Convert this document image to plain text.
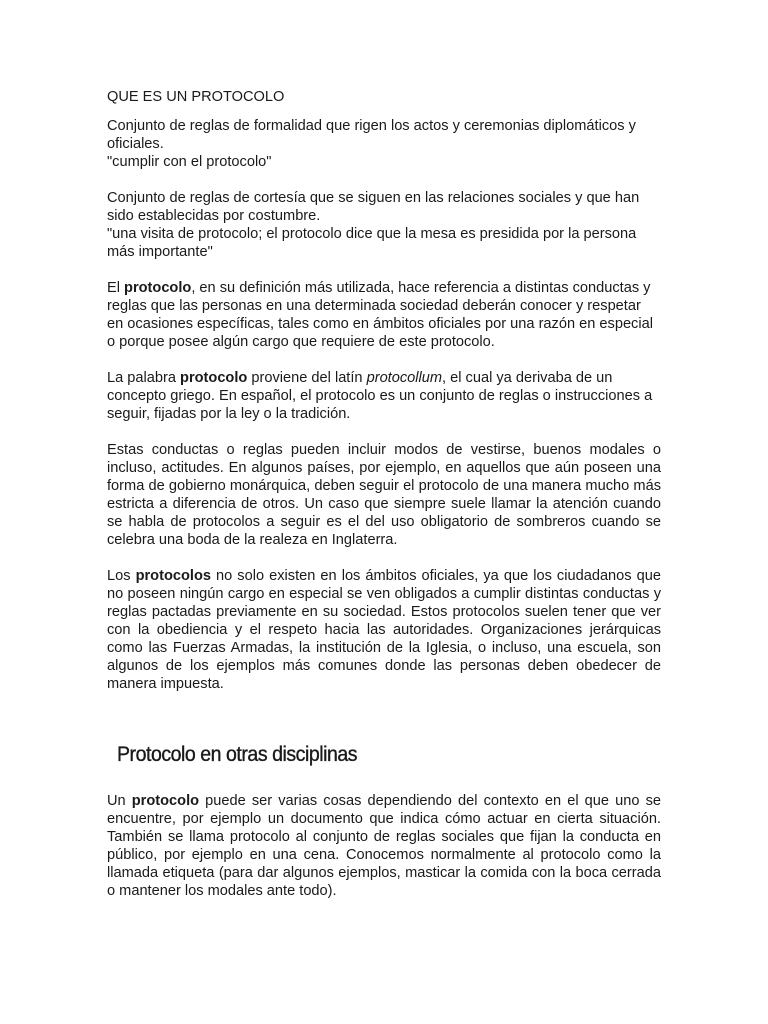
QUE ES UN PROTOCOLO

Conjunto de reglas de formalidad que rigen los actos y ceremonias diplomáticos y oficiales.
"cumplir con el protocolo"

Conjunto de reglas de cortesía que se siguen en las relaciones sociales y que han sido establecidas por costumbre.
"una visita de protocolo; el protocolo dice que la mesa es presidida por la persona más importante"

El protocolo, en su definición más utilizada, hace referencia a distintas conductas y reglas que las personas en una determinada sociedad deberán conocer y respetar en ocasiones específicas, tales como en ámbitos oficiales por una razón en especial o porque posee algún cargo que requiere de este protocolo.

La palabra protocolo proviene del latín protocollum, el cual ya derivaba de un concepto griego. En español, el protocolo es un conjunto de reglas o instrucciones a seguir, fijadas por la ley o la tradición.

Estas conductas o reglas pueden incluir modos de vestirse, buenos modales o incluso, actitudes. En algunos países, por ejemplo, en aquellos que aún poseen una forma de gobierno monárquica, deben seguir el protocolo de una manera mucho más estricta a diferencia de otros. Un caso que siempre suele llamar la atención cuando se habla de protocolos a seguir es el del uso obligatorio de sombreros cuando se celebra una boda de la realeza en Inglaterra.

Los protocolos no solo existen en los ámbitos oficiales, ya que los ciudadanos que no poseen ningún cargo en especial se ven obligados a cumplir distintas conductas y reglas pactadas previamente en su sociedad. Estos protocolos suelen tener que ver con la obediencia y el respeto hacia las autoridades. Organizaciones jerárquicas como las Fuerzas Armadas, la institución de la Iglesia, o incluso, una escuela, son algunos de los ejemplos más comunes donde las personas deben obedecer de manera impuesta.

Protocolo en otras disciplinas

Un protocolo puede ser varias cosas dependiendo del contexto en el que uno se encuentre, por ejemplo un documento que indica cómo actuar en cierta situación. También se llama protocolo al conjunto de reglas sociales que fijan la conducta en público, por ejemplo en una cena. Conocemos normalmente al protocolo como la llamada etiqueta (para dar algunos ejemplos, masticar la comida con la boca cerrada o mantener los modales ante todo).
